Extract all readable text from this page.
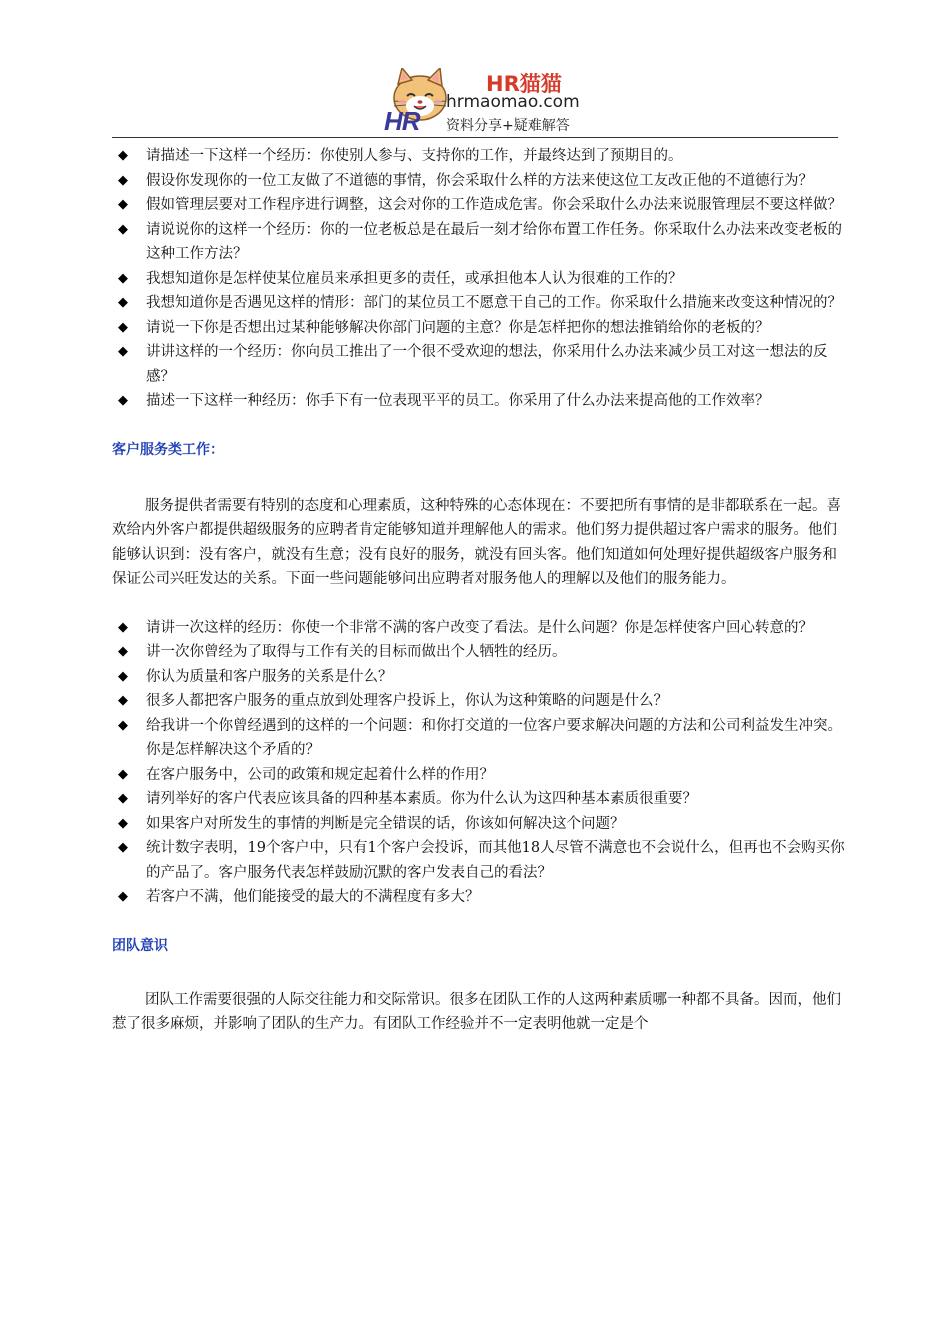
HR
HR猫猫
hrmaomao.com
资料分享+疑难解答
◆ 请描述一下这样一个经历：你使别人参与、支持你的工作，并最终达到了预期目的。
◆ 假设你发现你的一位工友做了不道德的事情，你会采取什么样的方法来使这位工友改正他的不道德行为？
◆ 假如管理层要对工作程序进行调整，这会对你的工作造成危害。你会采取什么办法来说服管理层不要这样做？
◆ 请说说你的这样一个经历：你的一位老板总是在最后一刻才给你布置工作任务。你采取什么办法来改变老板的这种工作方法？
◆ 我想知道你是怎样使某位雇员来承担更多的责任，或承担他本人认为很难的工作的？
◆ 我想知道你是否遇见这样的情形：部门的某位员工不愿意干自己的工作。你采取什么措施来改变这种情况的？
◆ 请说一下你是否想出过某种能够解决你部门问题的主意？你是怎样把你的想法推销给你的老板的？
◆ 讲讲这样的一个经历：你向员工推出了一个很不受欢迎的想法，你采用什么办法来减少员工对这一想法的反感？
◆ 描述一下这样一种经历：你手下有一位表现平平的员工。你采用了什么办法来提高他的工作效率？
客户服务类工作：

服务提供者需要有特别的态度和心理素质，这种特殊的心态体现在：不要把所有事情的是非都联系在一起。喜欢给内外客户都提供超级服务的应聘者肯定能够知道并理解他人的需求。他们努力提供超过客户需求的服务。他们能够认识到：没有客户，就没有生意；没有良好的服务，就没有回头客。他们知道如何处理好提供超级客户服务和保证公司兴旺发达的关系。下面一些问题能够问出应聘者对服务他人的理解以及他们的服务能力。

◆ 请讲一次这样的经历：你使一个非常不满的客户改变了看法。是什么问题？你是怎样使客户回心转意的？
◆ 讲一次你曾经为了取得与工作有关的目标而做出个人牺牲的经历。
◆ 你认为质量和客户服务的关系是什么？
◆ 很多人都把客户服务的重点放到处理客户投诉上，你认为这种策略的问题是什么？
◆ 给我讲一个你曾经遇到的这样的一个问题：和你打交道的一位客户要求解决问题的方法和公司利益发生冲突。你是怎样解决这个矛盾的？
◆ 在客户服务中，公司的政策和规定起着什么样的作用？
◆ 请列举好的客户代表应该具备的四种基本素质。你为什么认为这四种基本素质很重要？
◆ 如果客户对所发生的事情的判断是完全错误的话，你该如何解决这个问题？
◆ 统计数字表明，19个客户中，只有1个客户会投诉，而其他18人尽管不满意也不会说什么，但再也不会购买你的产品了。客户服务代表怎样鼓励沉默的客户发表自己的看法？
◆ 若客户不满，他们能接受的最大的不满程度有多大？
团队意识

团队工作需要很强的人际交往能力和交际常识。很多在团队工作的人这两种素质哪一种都不具备。因而，他们惹了很多麻烦，并影响了团队的生产力。有团队工作经验并不一定表明他就一定是个
